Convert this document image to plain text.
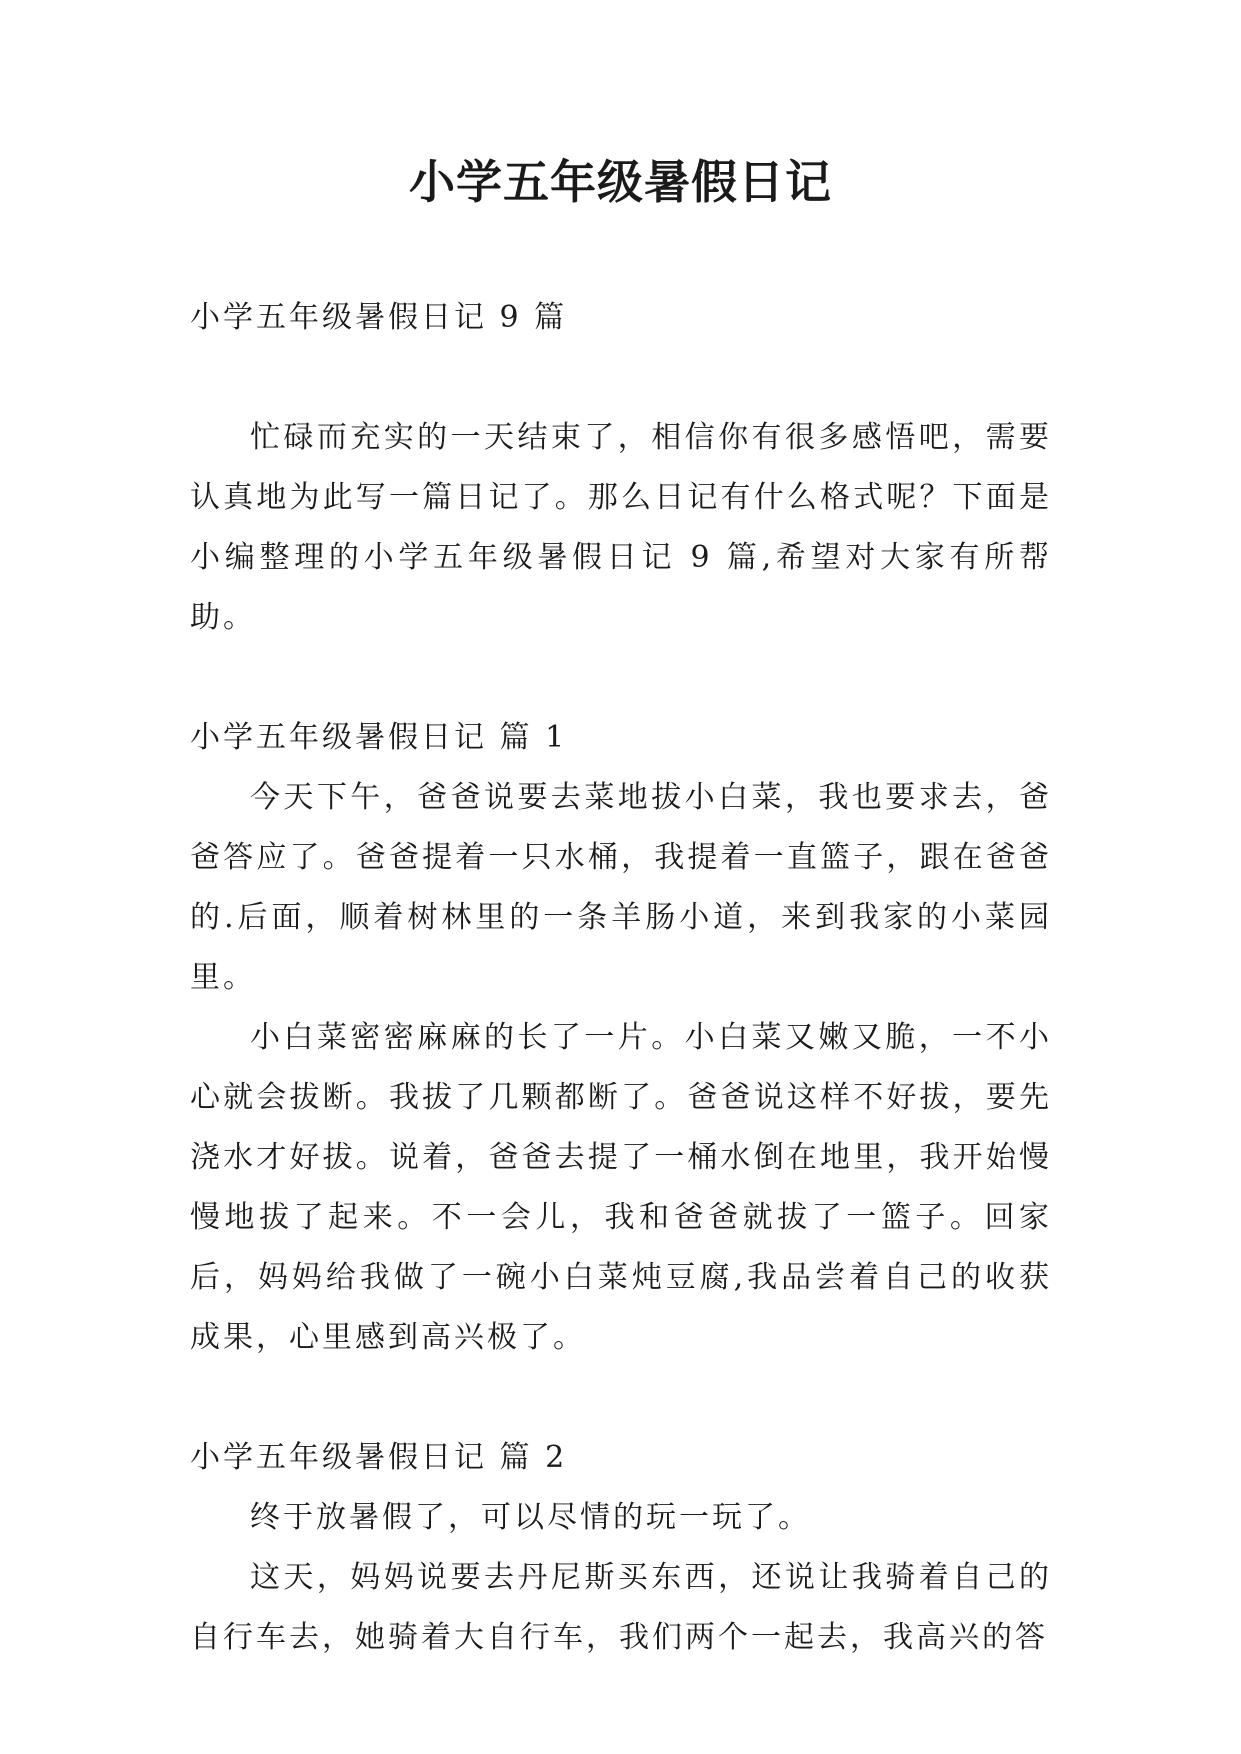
小学五年级暑假日记

小学五年级暑假日记 9 篇

忙碌而充实的一天结束了，相信你有很多感悟吧，需要认真地为此写一篇日记了。那么日记有什么格式呢？下面是小编整理的小学五年级暑假日记 9 篇,希望对大家有所帮助。

小学五年级暑假日记 篇 1

今天下午，爸爸说要去菜地拔小白菜，我也要求去，爸爸答应了。爸爸提着一只水桶，我提着一直篮子，跟在爸爸的.后面，顺着树林里的一条羊肠小道，来到我家的小菜园里。

小白菜密密麻麻的长了一片。小白菜又嫩又脆，一不小心就会拔断。我拔了几颗都断了。爸爸说这样不好拔，要先浇水才好拔。说着，爸爸去提了一桶水倒在地里，我开始慢慢地拔了起来。不一会儿，我和爸爸就拔了一篮子。回家后，妈妈给我做了一碗小白菜炖豆腐,我品尝着自己的收获成果，心里感到高兴极了。

小学五年级暑假日记 篇 2

终于放暑假了，可以尽情的玩一玩了。

这天，妈妈说要去丹尼斯买东西，还说让我骑着自己的自行车去，她骑着大自行车，我们两个一起去，我高兴的答
